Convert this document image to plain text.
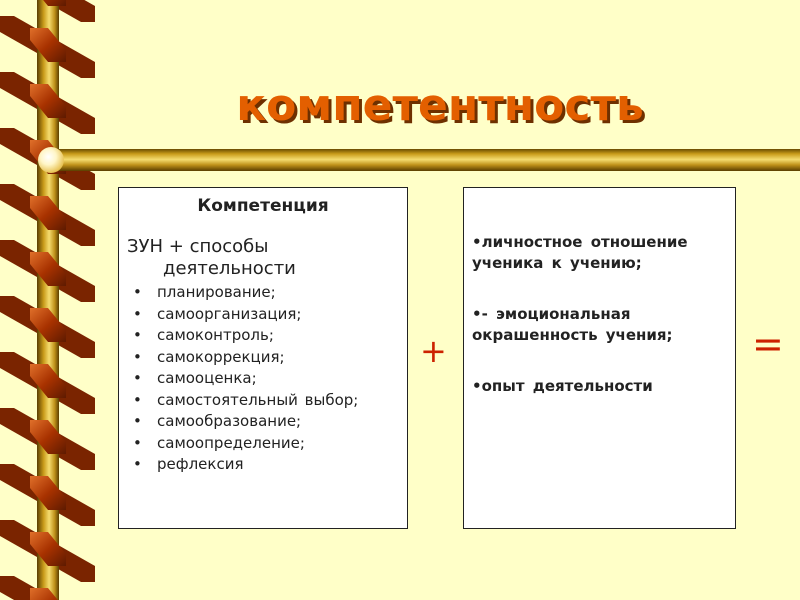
компетентность
Компетенция
ЗУН + способы
деятельности
• планирование;
• самоорганизация;
• самоконтроль;
• самокоррекция;
• самооценка;
• самостоятельный выбор;
• самообразование;
• самоопределение;
• рефлексия
+
•личностное отношение ученика к учению;
•- эмоциональная окрашенность учения;
•опыт деятельности
=
